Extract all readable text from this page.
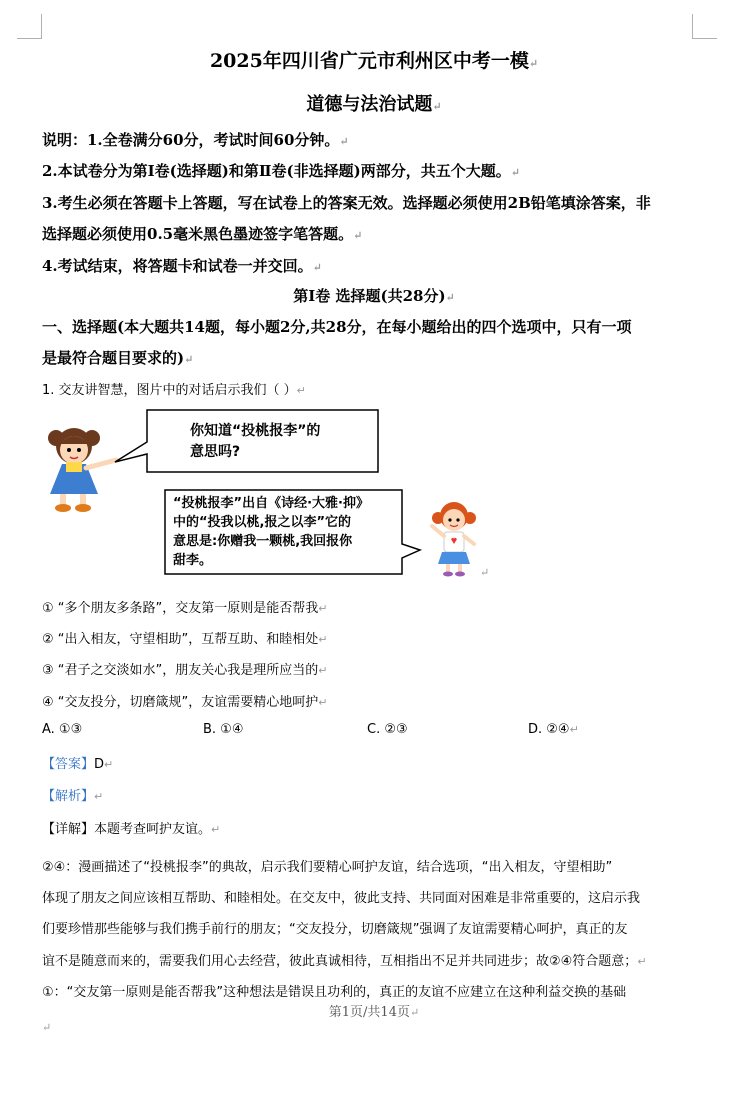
2025年四川省广元市利州区中考一模↵
道德与法治试题↵
说明：1.全卷满分60分，考试时间60分钟。↵
2.本试卷分为第Ⅰ卷(选择题)和第Ⅱ卷(非选择题)两部分，共五个大题。↵
3.考生必须在答题卡上答题，写在试卷上的答案无效。选择题必须使用2B铅笔填涂答案，非
选择题必须使用0.5毫米黑色墨迹签字笔答题。↵
4.考试结束，将答题卡和试卷一并交回。↵
第Ⅰ卷 选择题(共28分)↵
一、选择题(本大题共14题，每小题2分,共28分，在每小题给出的四个选项中，只有一项
是最符合题目要求的)↵
1. 交友讲智慧，图片中的对话启示我们（ ）↵
你知道“投桃报李”的
意思吗?
“投桃报李”出自《诗经·大雅·抑》
中的“投我以桃,报之以李”它的
意思是:你赠我一颗桃,我回报你
甜李。
↵
① “多个朋友多条路”，交友第一原则是能否帮我↵
② “出入相友，守望相助”，互帮互助、和睦相处↵
③ “君子之交淡如水”，朋友关心我是理所应当的↵
④ “交友投分，切磨箴规”，友谊需要精心地呵护↵
A. ①③	B. ①④	C. ②③	D. ②④↵
【答案】D↵
【解析】↵
【详解】本题考查呵护友谊。↵
②④：漫画描述了“投桃报李”的典故，启示我们要精心呵护友谊，结合选项，“出入相友，守望相助”
体现了朋友之间应该相互帮助、和睦相处。在交友中，彼此支持、共同面对困难是非常重要的，这启示我
们要珍惜那些能够与我们携手前行的朋友；“交友投分，切磨箴规”强调了友谊需要精心呵护，真正的友
谊不是随意而来的，需要我们用心去经营，彼此真诚相待，互相指出不足并共同进步；故②④符合题意；↵
①：“交友第一原则是能否帮我”这种想法是错误且功利的，真正的友谊不应建立在这种利益交换的基础
第1页/共14页↵
↵
